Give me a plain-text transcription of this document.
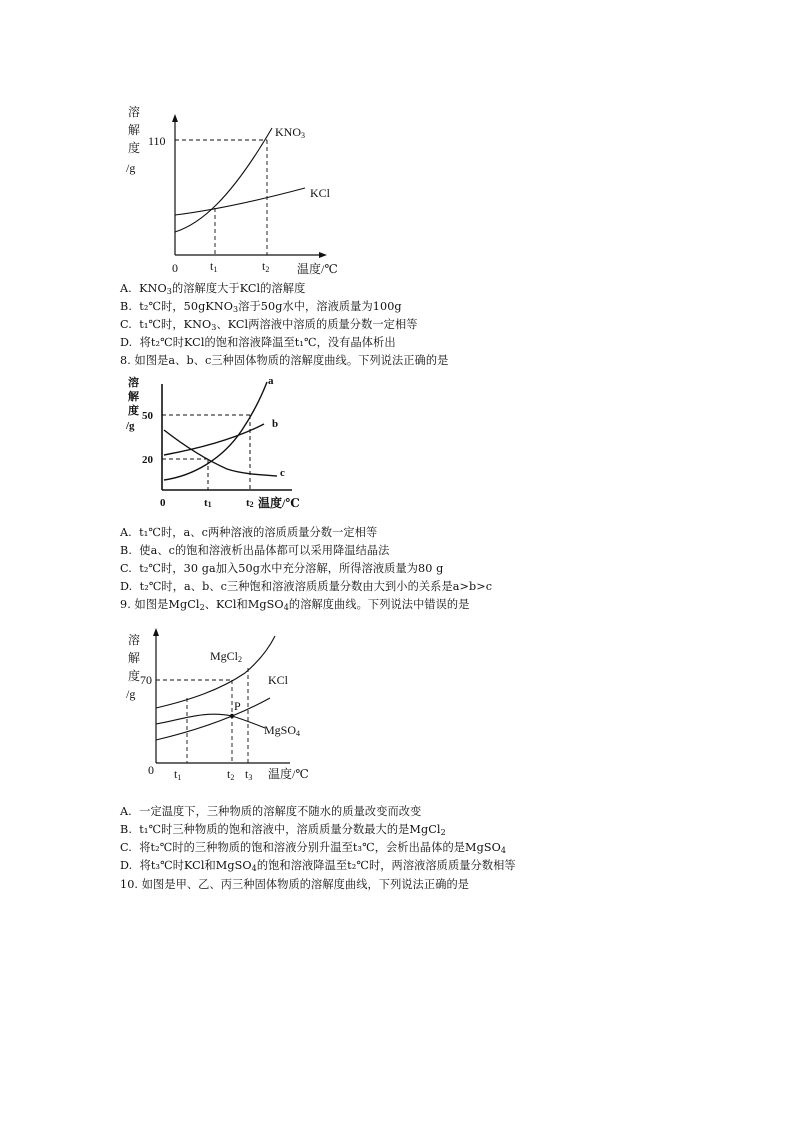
溶
解
度
/g
110
0	t1	t2 温度/℃
KNO3
KCl
A. $KNO_3$的溶解度大于KCl的溶解度
B. t₂℃时，50gKNO$_3$溶于50g水中，溶液质量为100g
C. t₁℃时，$KNO_3$、KCl两溶液中溶质的质量分数一定相等
D. 将t₂℃时KCl的饱和溶液降温至t₁℃，没有晶体析出
8. 如图是a、b、c三种固体物质的溶解度曲线。下列说法正确的是
溶
解
度
/g
50
20
a
b
c
0	t1	t2 温度/℃
A. t₁℃时，a、c两种溶液的溶质质量分数一定相等
B. 使a、c的饱和溶液析出晶体都可以采用降温结晶法
C. t₂℃时，30 ga加入50g水中充分溶解，所得溶液质量为80 g
D. t₂℃时，a、b、c三种饱和溶液溶质质量分数由大到小的关系是a>b>c
9. 如图是MgCl$_2$、KCl和MgSO$_4$的溶解度曲线。下列说法中错误的是
溶
解
度
/g
70
P
MgCl2
KCl
MgSO4
0 t1	t2 t3 温度/℃
A. 一定温度下，三种物质的溶解度不随水的质量改变而改变
B. t₁℃时三种物质的饱和溶液中，溶质质量分数最大的是MgCl$_2$
C. 将t₂℃时的三种物质的饱和溶液分别升温至t₃℃，会析出晶体的是MgSO$_4$
D. 将t₃℃时KCl和MgSO$_4$的饱和溶液降温至t₂℃时，两溶液溶质质量分数相等
10. 如图是甲、乙、丙三种固体物质的溶解度曲线，下列说法正确的是
